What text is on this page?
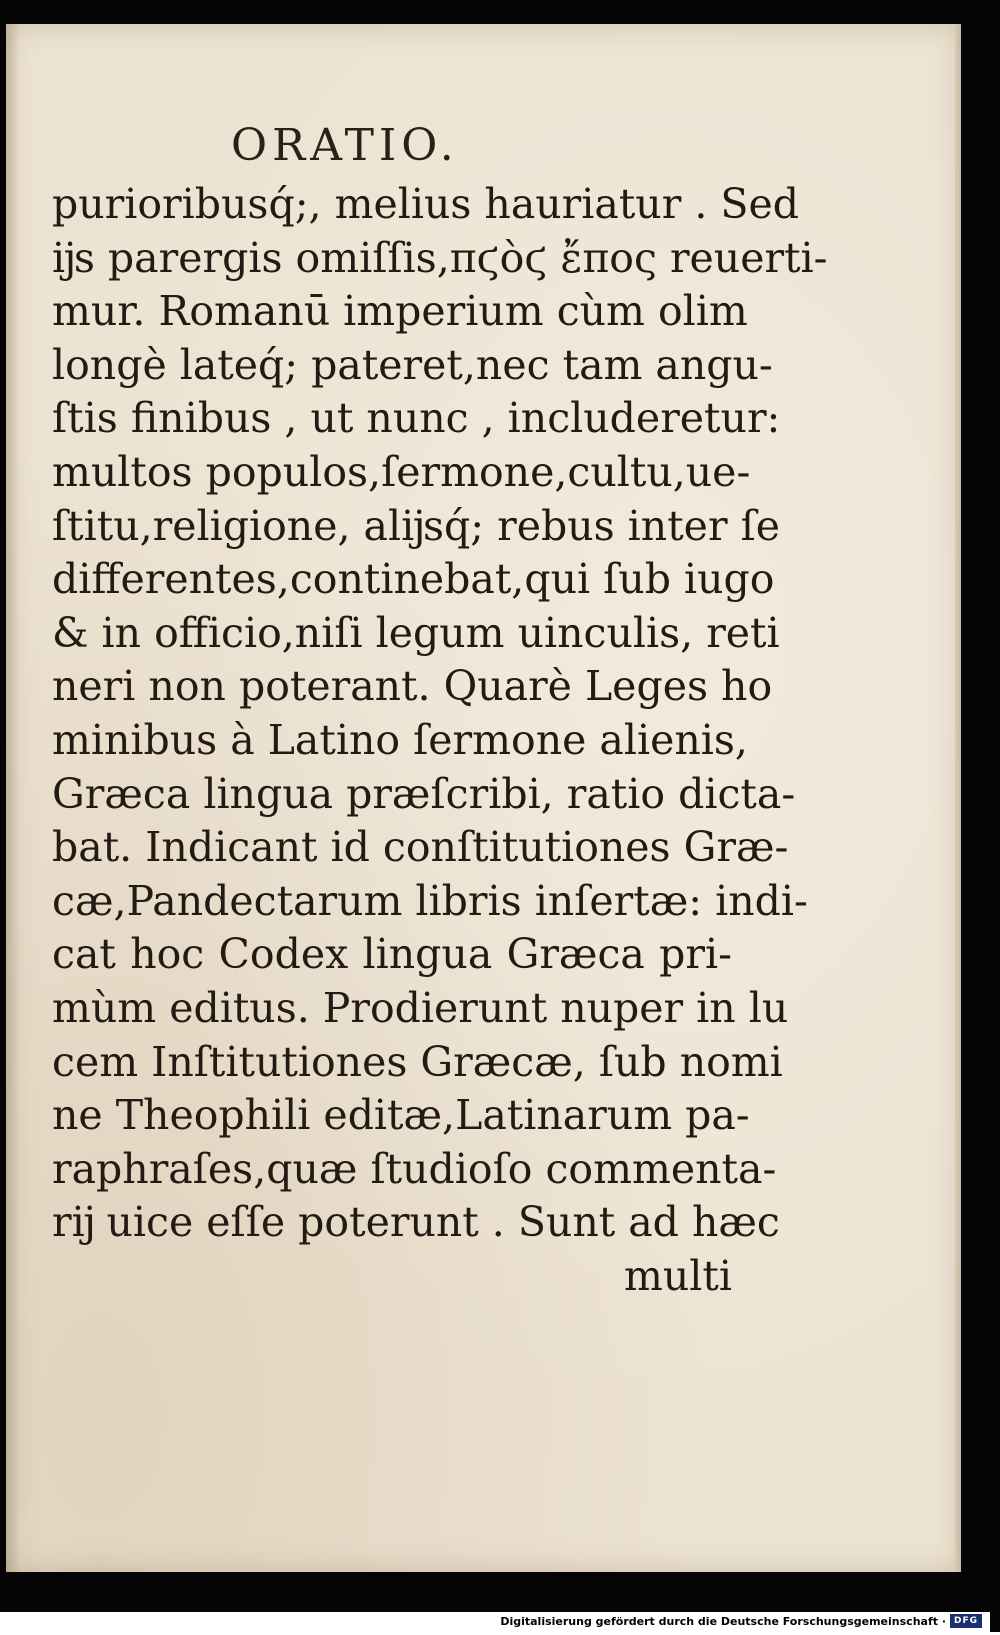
ORATIO.
purioribusq́;, melius hauriatur . Sed
ĳs parergis omiſſis,πϛὸϛ ἔπος reuerti-
mur. Romanū imperium cùm olim
longè lateq́; pateret,nec tam angu-
ſtis finibus , ut nunc , includeretur:
multos populos,ſermone,cultu,ue-
ſtitu,religione, alĳsq́; rebus inter ſe
differentes,continebat,qui ſub iugo
& in officio,niſi legum uinculis, reti
neri non poterant. Quarè Leges ho
minibus à Latino ſermone alienis,
Græca lingua præſcribi, ratio dicta-
bat. Indicant id conſtitutiones Græ-
cæ,Pandectarum libris inſertæ: indi-
cat hoc Codex lingua Græca pri-
mùm editus. Prodierunt nuper in lu
cem Inſtitutiones Græcæ, ſub nomi
ne Theophili editæ,Latinarum pa-
raphraſes,quæ ſtudioſo commenta-
rĳ uice eſſe poterunt . Sunt ad hæc
multi
Digitalisierung gefördert durch die Deutsche Forschungsgemeinschaft · DFG
